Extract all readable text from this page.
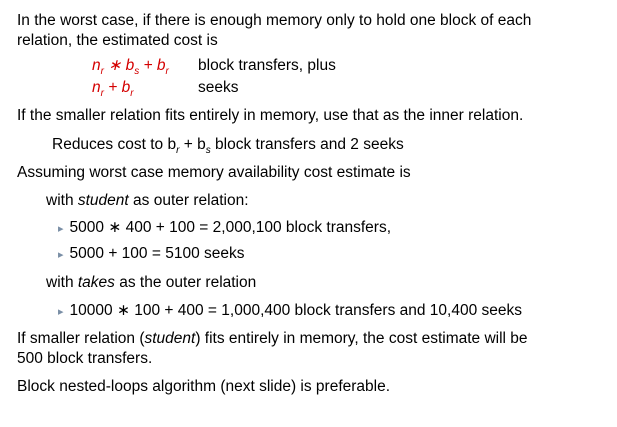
In the worst case, if there is enough memory only to hold one block of each
relation, the estimated cost is
$n_r$ ∗ $b_s + b_r$ block transfers, plus
$n_r + b_r$	seeks
If the smaller relation fits entirely in memory, use that as the inner relation.
Reduces cost to $b_r + b_s$ block transfers and 2 seeks
Assuming worst case memory availability cost estimate is
with student as outer relation:
▸ 5000 ∗ 400 + 100 = 2,000,100 block transfers,
▸ 5000 + 100 = 5100 seeks
with takes as the outer relation
▸ 10000 ∗ 100 + 400 = 1,000,400 block transfers and 10,400 seeks
If smaller relation (student) fits entirely in memory, the cost estimate will be
500 block transfers.
Block nested-loops algorithm (next slide) is preferable.
